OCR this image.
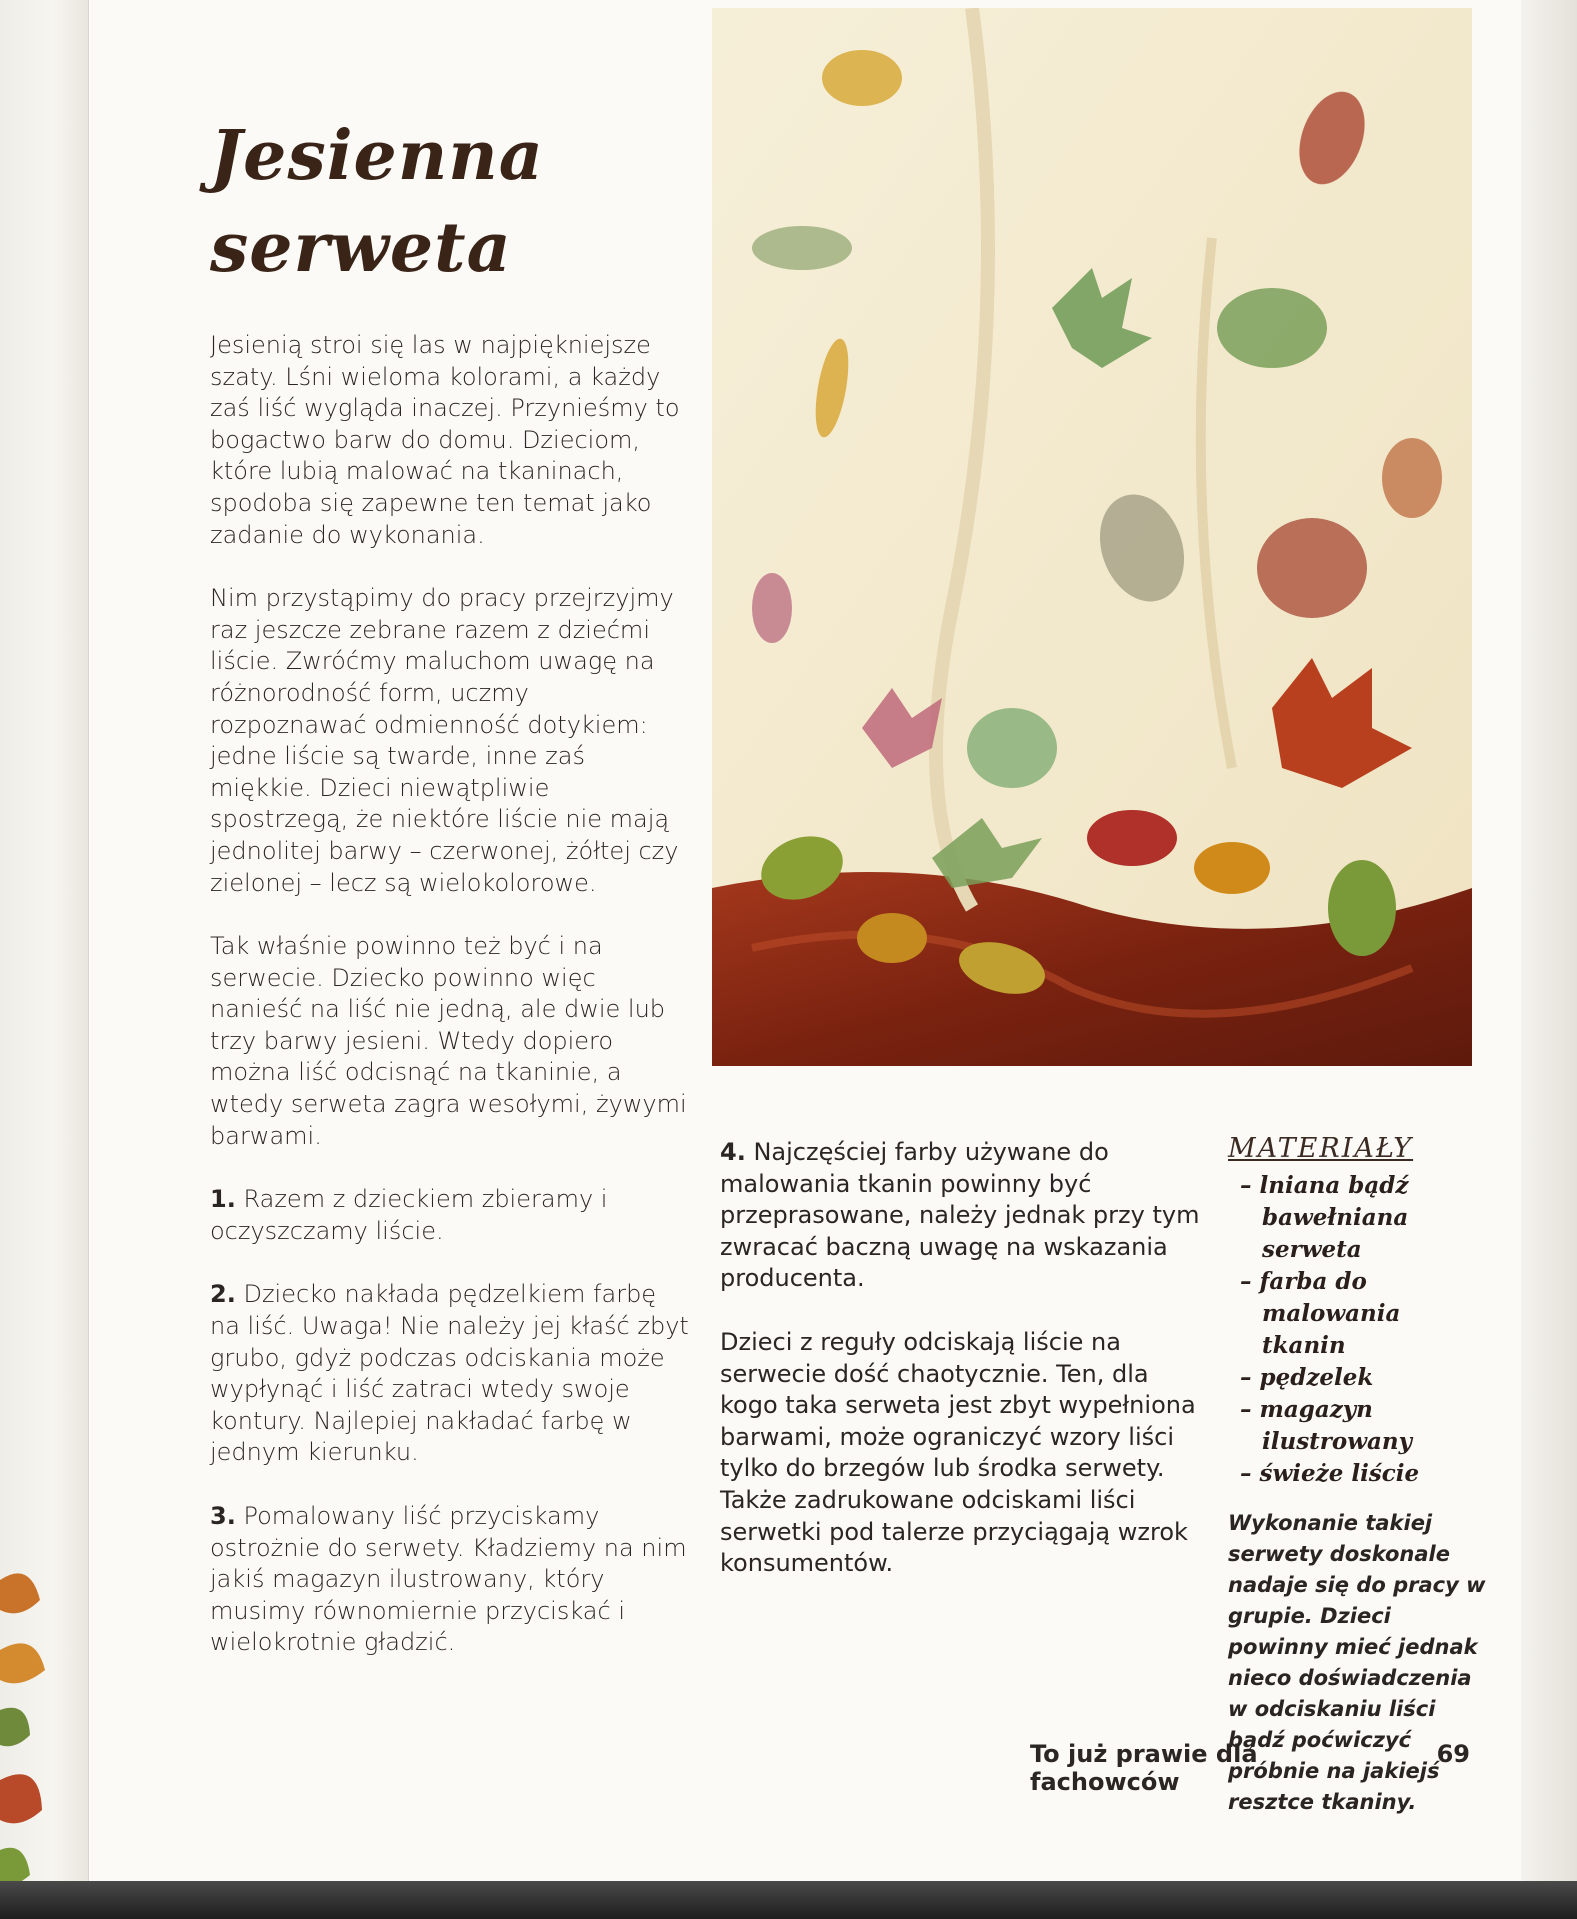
Jesienna
serweta

Jesienią stroi się las w najpiękniejsze szaty. Lśni wieloma kolorami, a każdy zaś liść wygląda inaczej. Przynieśmy to bogactwo barw do domu. Dzieciom, które lubią malować na tkaninach, spodoba się zapewne ten temat jako zadanie do wykonania.

Nim przystąpimy do pracy przejrzyjmy raz jeszcze zebrane razem z dziećmi liście. Zwróćmy maluchom uwagę na różnorodność form, uczmy rozpoznawać odmienność dotykiem: jedne liście są twarde, inne zaś miękkie. Dzieci niewątpliwie spostrzegą, że niektóre liście nie mają jednolitej barwy – czerwonej, żółtej czy zielonej – lecz są wielokolorowe.

Tak właśnie powinno też być i na serwecie. Dziecko powinno więc nanieść na liść nie jedną, ale dwie lub trzy barwy jesieni. Wtedy dopiero można liść odcisnąć na tkaninie, a wtedy serweta zagra wesołymi, żywymi barwami.

1. Razem z dzieckiem zbieramy i oczyszczamy liście.

2. Dziecko nakłada pędzelkiem farbę na liść. Uwaga! Nie należy jej kłaść zbyt grubo, gdyż podczas odciskania może wypłynąć i liść zatraci wtedy swoje kontury. Najlepiej nakładać farbę w jednym kierunku.

3. Pomalowany liść przyciskamy ostrożnie do serwety. Kładziemy na nim jakiś magazyn ilustrowany, który musimy równomiernie przyciskać i wielokrotnie gładzić.

4. Najczęściej farby używane do malowania tkanin powinny być przeprasowane, należy jednak przy tym zwracać baczną uwagę na wskazania producenta.

Dzieci z reguły odciskają liście na serwecie dość chaotycznie. Ten, dla kogo taka serweta jest zbyt wypełniona barwami, może ograniczyć wzory liści tylko do brzegów lub środka serwety. Także zadrukowane odciskami liści serwetki pod talerze przyciągają wzrok konsumentów.

MATERIAŁY
– lniana bądź bawełniana serweta
– farba do malowania tkanin
– pędzelek
– magazyn ilustrowany
– świeże liście
Wykonanie takiej serwety doskonale nadaje się do pracy w grupie. Dzieci powinny mieć jednak nieco doświadczenia w odciskaniu liści bądź poćwiczyć próbnie na jakiejś resztce tkaniny.
To już prawie dla fachowców
69
